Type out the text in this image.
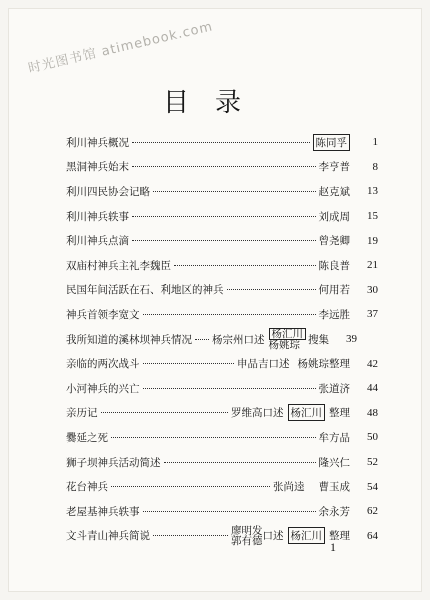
时光图书馆 atimebook.com
目录
利川神兵概况	陈同孚	1
黑洞神兵始末	李亨普	8
利川四民协会记略	赵克斌	13
利川神兵轶事	刘成周	15
利川神兵点滴	曾尧卿	19
双庙村神兵主礼李魏臣	陈良普	21
民国年间活跃在石、利地区的神兵	何用若	30
神兵首领李宽文	李远胜	37
我所知道的溪林坝神兵情况 杨宗州口述 杨汇川
杨姚琮 搜集	39
亲临的两次战斗	申品吉口述 杨姚琮 整理	42
小河神兵的兴亡	张道济	44
亲历记	罗维高口述 杨汇川 整理	48
爨延之死	牟方品	50
狮子坝神兵活动简述	隆兴仁	52
花台神兵	张尚逵 曹玉成	54
老屋基神兵轶事	余永芳	62
文斗青山神兵简说	廖明发
郭有德 口述 杨汇川 整理	64
1
